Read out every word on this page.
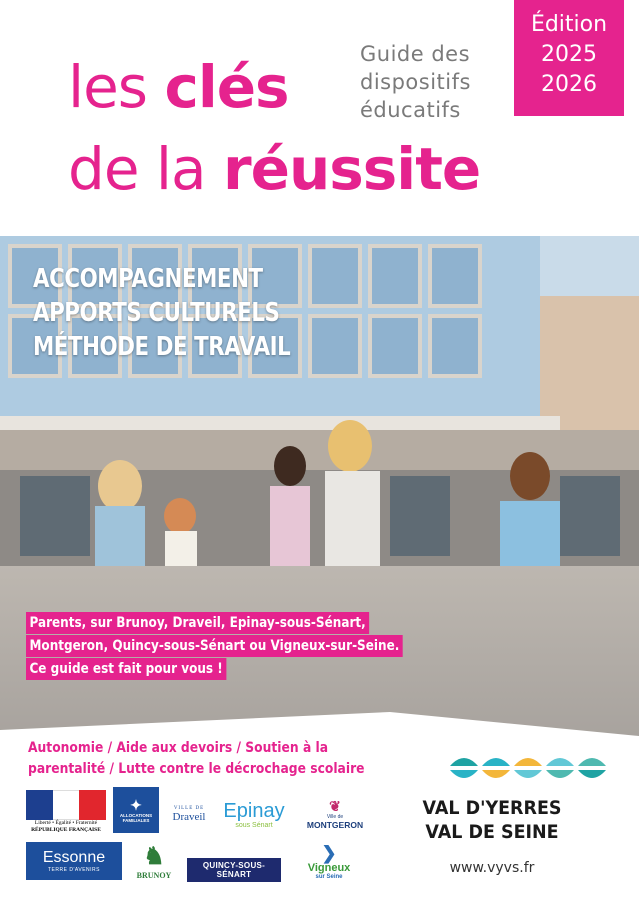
les clés
de la réussite
Guide des
dispositifs
éducatifs
Édition
2025
2026
ACCOMPAGNEMENT
APPORTS CULTURELS
MÉTHODE DE TRAVAIL
Parents, sur Brunoy, Draveil, Epinay-sous-Sénart,
Montgeron, Quincy-sous-Sénart ou Vigneux-sur-Seine.
Ce guide est fait pour vous !
Autonomie / Aide aux devoirs / Soutien à la
parentalité / Lutte contre le décrochage scolaire
Liberté • Égalité • Fraternité
RÉPUBLIQUE FRANÇAISE
✦
ALLOCATIONS
FAMILIALES
VILLE DE
Draveil Epinay
sous Sénart
❦
Ville de
MONTGERON
Essonne
TERRE D'AVENIRS
♞
BRUNOY
QUINCY-SOUS-SÉNART
❯
Vigneux
sur Seine
VAL D'YERRES
VAL DE SEINE
www.vyvs.fr
